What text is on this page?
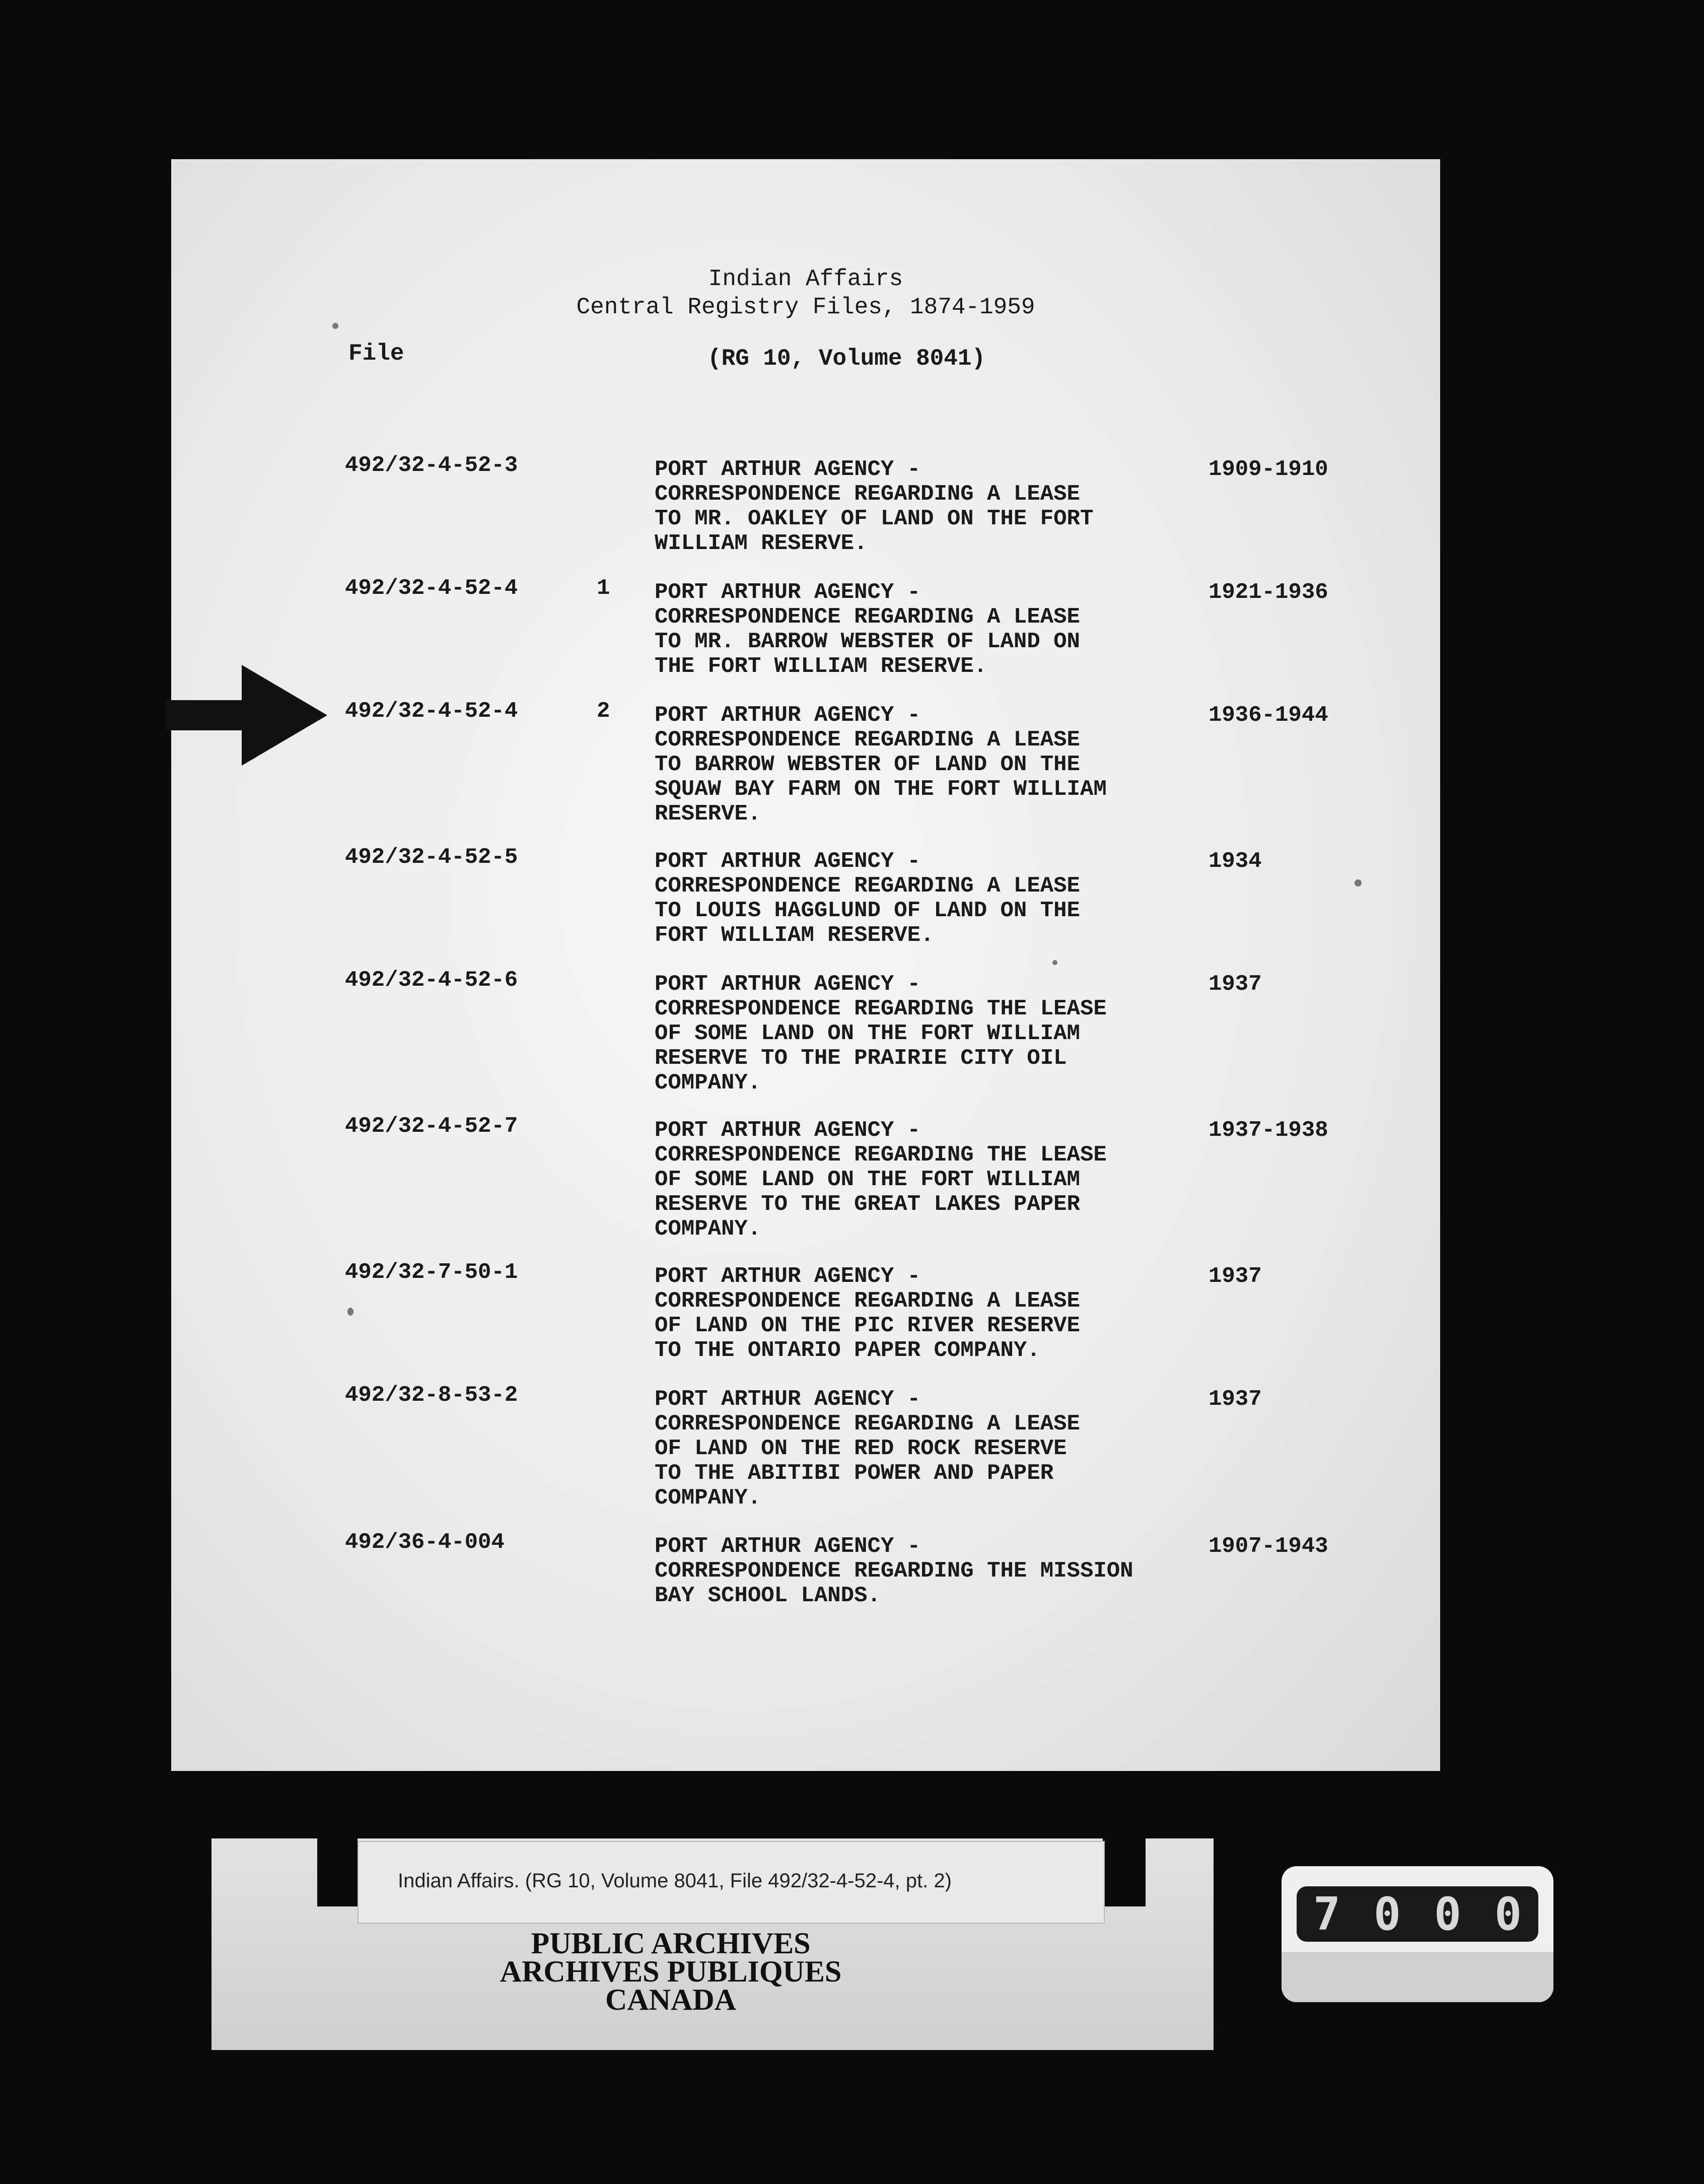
Indian Affairs
Central Registry Files, 1874-1959
File	(RG 10, Volume 8041)
492/32-4-52-3	PORT ARTHUR AGENCY -
CORRESPONDENCE REGARDING A LEASE
TO MR. OAKLEY OF LAND ON THE FORT
WILLIAM RESERVE.
1909-1910
492/32-4-52-4	1 PORT ARTHUR AGENCY -
CORRESPONDENCE REGARDING A LEASE
TO MR. BARROW WEBSTER OF LAND ON
THE FORT WILLIAM RESERVE.
1921-1936
492/32-4-52-4	2 PORT ARTHUR AGENCY -
CORRESPONDENCE REGARDING A LEASE
TO BARROW WEBSTER OF LAND ON THE
SQUAW BAY FARM ON THE FORT WILLIAM
RESERVE.
1936-1944
492/32-4-52-5	PORT ARTHUR AGENCY -
CORRESPONDENCE REGARDING A LEASE
TO LOUIS HAGGLUND OF LAND ON THE
FORT WILLIAM RESERVE.
1934
492/32-4-52-6	PORT ARTHUR AGENCY -
CORRESPONDENCE REGARDING THE LEASE
OF SOME LAND ON THE FORT WILLIAM
RESERVE TO THE PRAIRIE CITY OIL
COMPANY.
1937
492/32-4-52-7	PORT ARTHUR AGENCY -
CORRESPONDENCE REGARDING THE LEASE
OF SOME LAND ON THE FORT WILLIAM
RESERVE TO THE GREAT LAKES PAPER
COMPANY.
1937-1938
492/32-7-50-1	PORT ARTHUR AGENCY -
CORRESPONDENCE REGARDING A LEASE
OF LAND ON THE PIC RIVER RESERVE
TO THE ONTARIO PAPER COMPANY.
1937
492/32-8-53-2	PORT ARTHUR AGENCY -
CORRESPONDENCE REGARDING A LEASE
OF LAND ON THE RED ROCK RESERVE
TO THE ABITIBI POWER AND PAPER
COMPANY.
1937
492/36-4-004	PORT ARTHUR AGENCY -
CORRESPONDENCE REGARDING THE MISSION
BAY SCHOOL LANDS.
1907-1943
Indian Affairs. (RG 10, Volume 8041, File 492/32-4-52-4, pt. 2)
PUBLIC ARCHIVES
ARCHIVES PUBLIQUES
CANADA
7 0 0 0
